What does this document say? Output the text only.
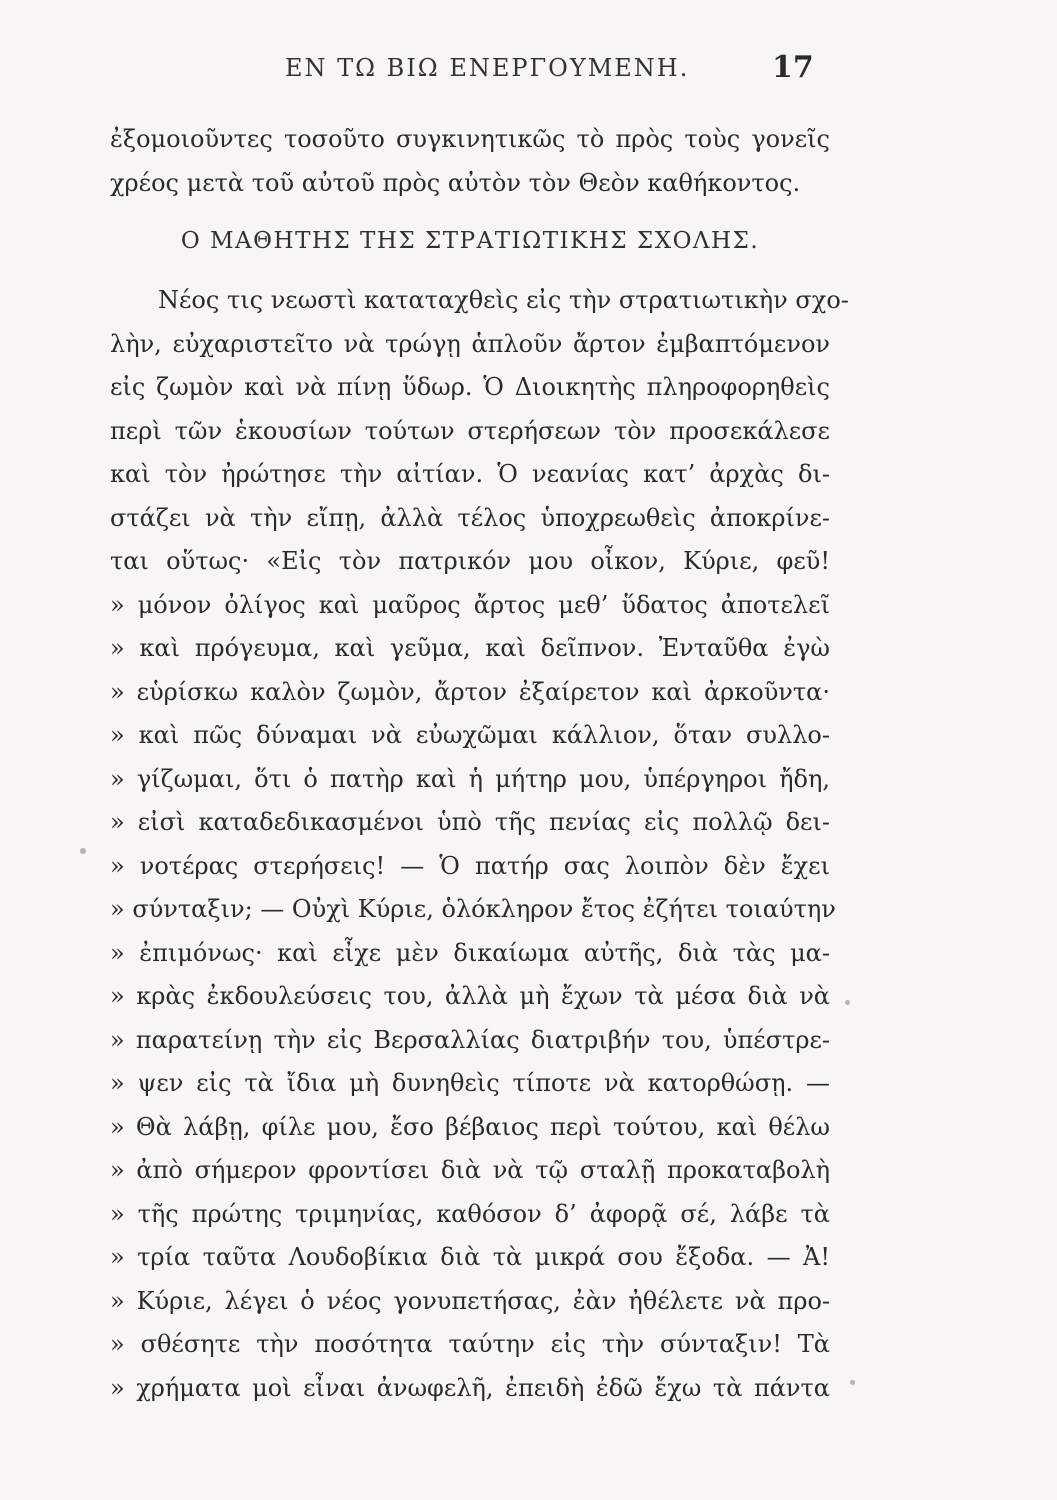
ΕΝ ΤΩ ΒΙΩ ΕΝΕΡΓΟΥΜΕΝΗ.	17
ἐξομοιοῦντες τοσοῦτο συγκινητικῶς τὸ πρὸς τοὺς γονεῖς
χρέος μετὰ τοῦ αὐτοῦ πρὸς αὐτὸν τὸν Θεὸν καθήκοντος.
Ο ΜΑΘΗΤΗΣ ΤΗΣ ΣΤΡΑΤΙΩΤΙΚΗΣ ΣΧΟΛΗΣ.
Νέος τις νεωστὶ καταταχθεὶς εἰς τὴν στρατιωτικὴν σχο-
λὴν, εὐχαριστεῖτο νὰ τρώγῃ ἁπλοῦν ἄρτον ἐμβαπτόμενον
εἰς ζωμὸν καὶ νὰ πίνῃ ὕδωρ. Ὁ Διοικητὴς πληροφορηθεὶς
περὶ τῶν ἑκουσίων τούτων στερήσεων τὸν προσεκάλεσε
καὶ τὸν ἠρώτησε τὴν αἰτίαν. Ὁ νεανίας κατ’ ἀρχὰς δι-
στάζει νὰ τὴν εἴπῃ, ἀλλὰ τέλος ὑποχρεωθεὶς ἀποκρίνε-
ται οὕτως· «Εἰς τὸν πατρικόν μου οἶκον, Κύριε, φεῦ!
» μόνον ὀλίγος καὶ μαῦρος ἄρτος μεθ’ ὕδατος ἀποτελεῖ
» καὶ πρόγευμα, καὶ γεῦμα, καὶ δεῖπνον. Ἐνταῦθα ἐγὼ
» εὑρίσκω καλὸν ζωμὸν, ἄρτον ἐξαίρετον καὶ ἀρκοῦντα·
» καὶ πῶς δύναμαι νὰ εὐωχῶμαι κάλλιον, ὅταν συλλο-
» γίζωμαι, ὅτι ὁ πατὴρ καὶ ἡ μήτηρ μου, ὑπέργηροι ἤδη,
» εἰσὶ καταδεδικασμένοι ὑπὸ τῆς πενίας εἰς πολλῷ δει-
» νοτέρας στερήσεις! — Ὁ πατήρ σας λοιπὸν δὲν ἔχει
» σύνταξιν; — Οὐχὶ Κύριε, ὁλόκληρον ἔτος ἐζήτει τοιαύτην
» ἐπιμόνως· καὶ εἶχε μὲν δικαίωμα αὐτῆς, διὰ τὰς μα-
» κρὰς ἐκδουλεύσεις του, ἀλλὰ μὴ ἔχων τὰ μέσα διὰ νὰ
» παρατείνῃ τὴν εἰς Βερσαλλίας διατριβήν του, ὑπέστρε-
» ψεν εἰς τὰ ἴδια μὴ δυνηθεὶς τίποτε νὰ κατορθώσῃ. —
» Θὰ λάβῃ, φίλε μου, ἔσο βέβαιος περὶ τούτου, καὶ θέλω
» ἀπὸ σήμερον φροντίσει διὰ νὰ τῷ σταλῇ προκαταβολὴ
» τῆς πρώτης τριμηνίας, καθόσον δ’ ἀφορᾷ σέ, λάβε τὰ
» τρία ταῦτα Λουδοβίκια διὰ τὰ μικρά σου ἔξοδα. — Ἀ!
» Κύριε, λέγει ὁ νέος γονυπετήσας, ἐὰν ἠθέλετε νὰ προ-
» σθέσητε τὴν ποσότητα ταύτην εἰς τὴν σύνταξιν! Τὰ
» χρήματα μοὶ εἶναι ἀνωφελῆ, ἐπειδὴ ἐδῶ ἔχω τὰ πάντα
